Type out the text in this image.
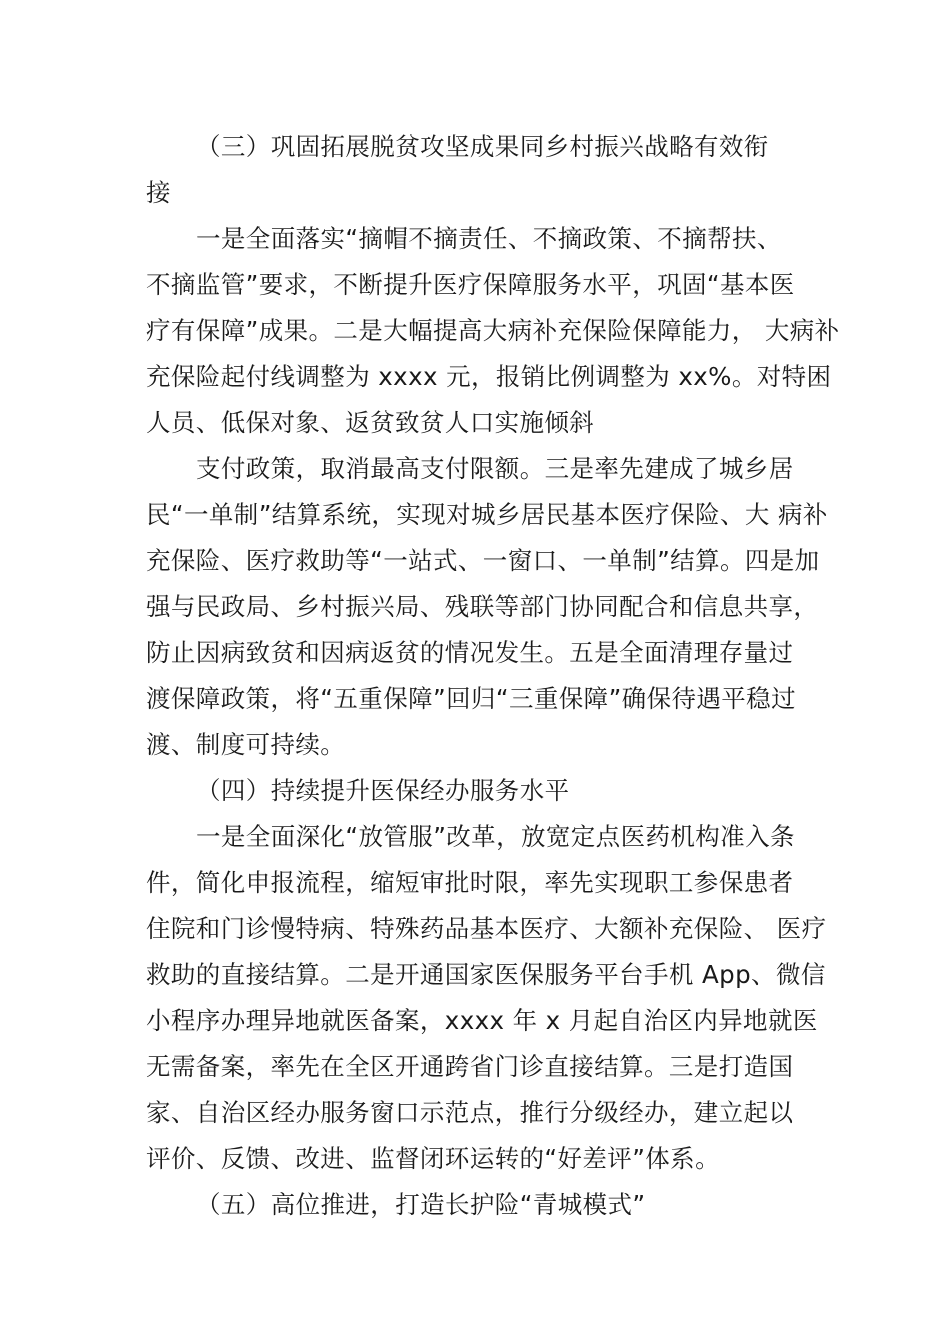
（三）巩固拓展脱贫攻坚成果同乡村振兴战略有效衔
接
一是全面落实“摘帽不摘责任、不摘政策、不摘帮扶、
不摘监管”要求，不断提升医疗保障服务水平，巩固“基本医
疗有保障”成果。二是大幅提高大病补充保险保障能力， 大病补
充保险起付线调整为 xxxx 元，报销比例调整为 xx%。对特困
人员、低保对象、返贫致贫人口实施倾斜
支付政策，取消最高支付限额。三是率先建成了城乡居
民“一单制”结算系统，实现对城乡居民基本医疗保险、大 病补
充保险、医疗救助等“一站式、一窗口、一单制”结算。四是加
强与民政局、乡村振兴局、残联等部门协同配合和信息共享，
防止因病致贫和因病返贫的情况发生。五是全面清理存量过
渡保障政策，将“五重保障”回归“三重保障”确保待遇平稳过
渡、制度可持续。
（四）持续提升医保经办服务水平
一是全面深化“放管服”改革，放宽定点医药机构准入条
件，简化申报流程，缩短审批时限，率先实现职工参保患者
住院和门诊慢特病、特殊药品基本医疗、大额补充保险、 医疗
救助的直接结算。二是开通国家医保服务平台手机 App、微信
小程序办理异地就医备案，xxxx 年 x 月起自治区内异地就医
无需备案，率先在全区开通跨省门诊直接结算。三是打造国
家、自治区经办服务窗口示范点，推行分级经办，建立起以
评价、反馈、改进、监督闭环运转的“好差评”体系。
（五）高位推进，打造长护险“青城模式”
